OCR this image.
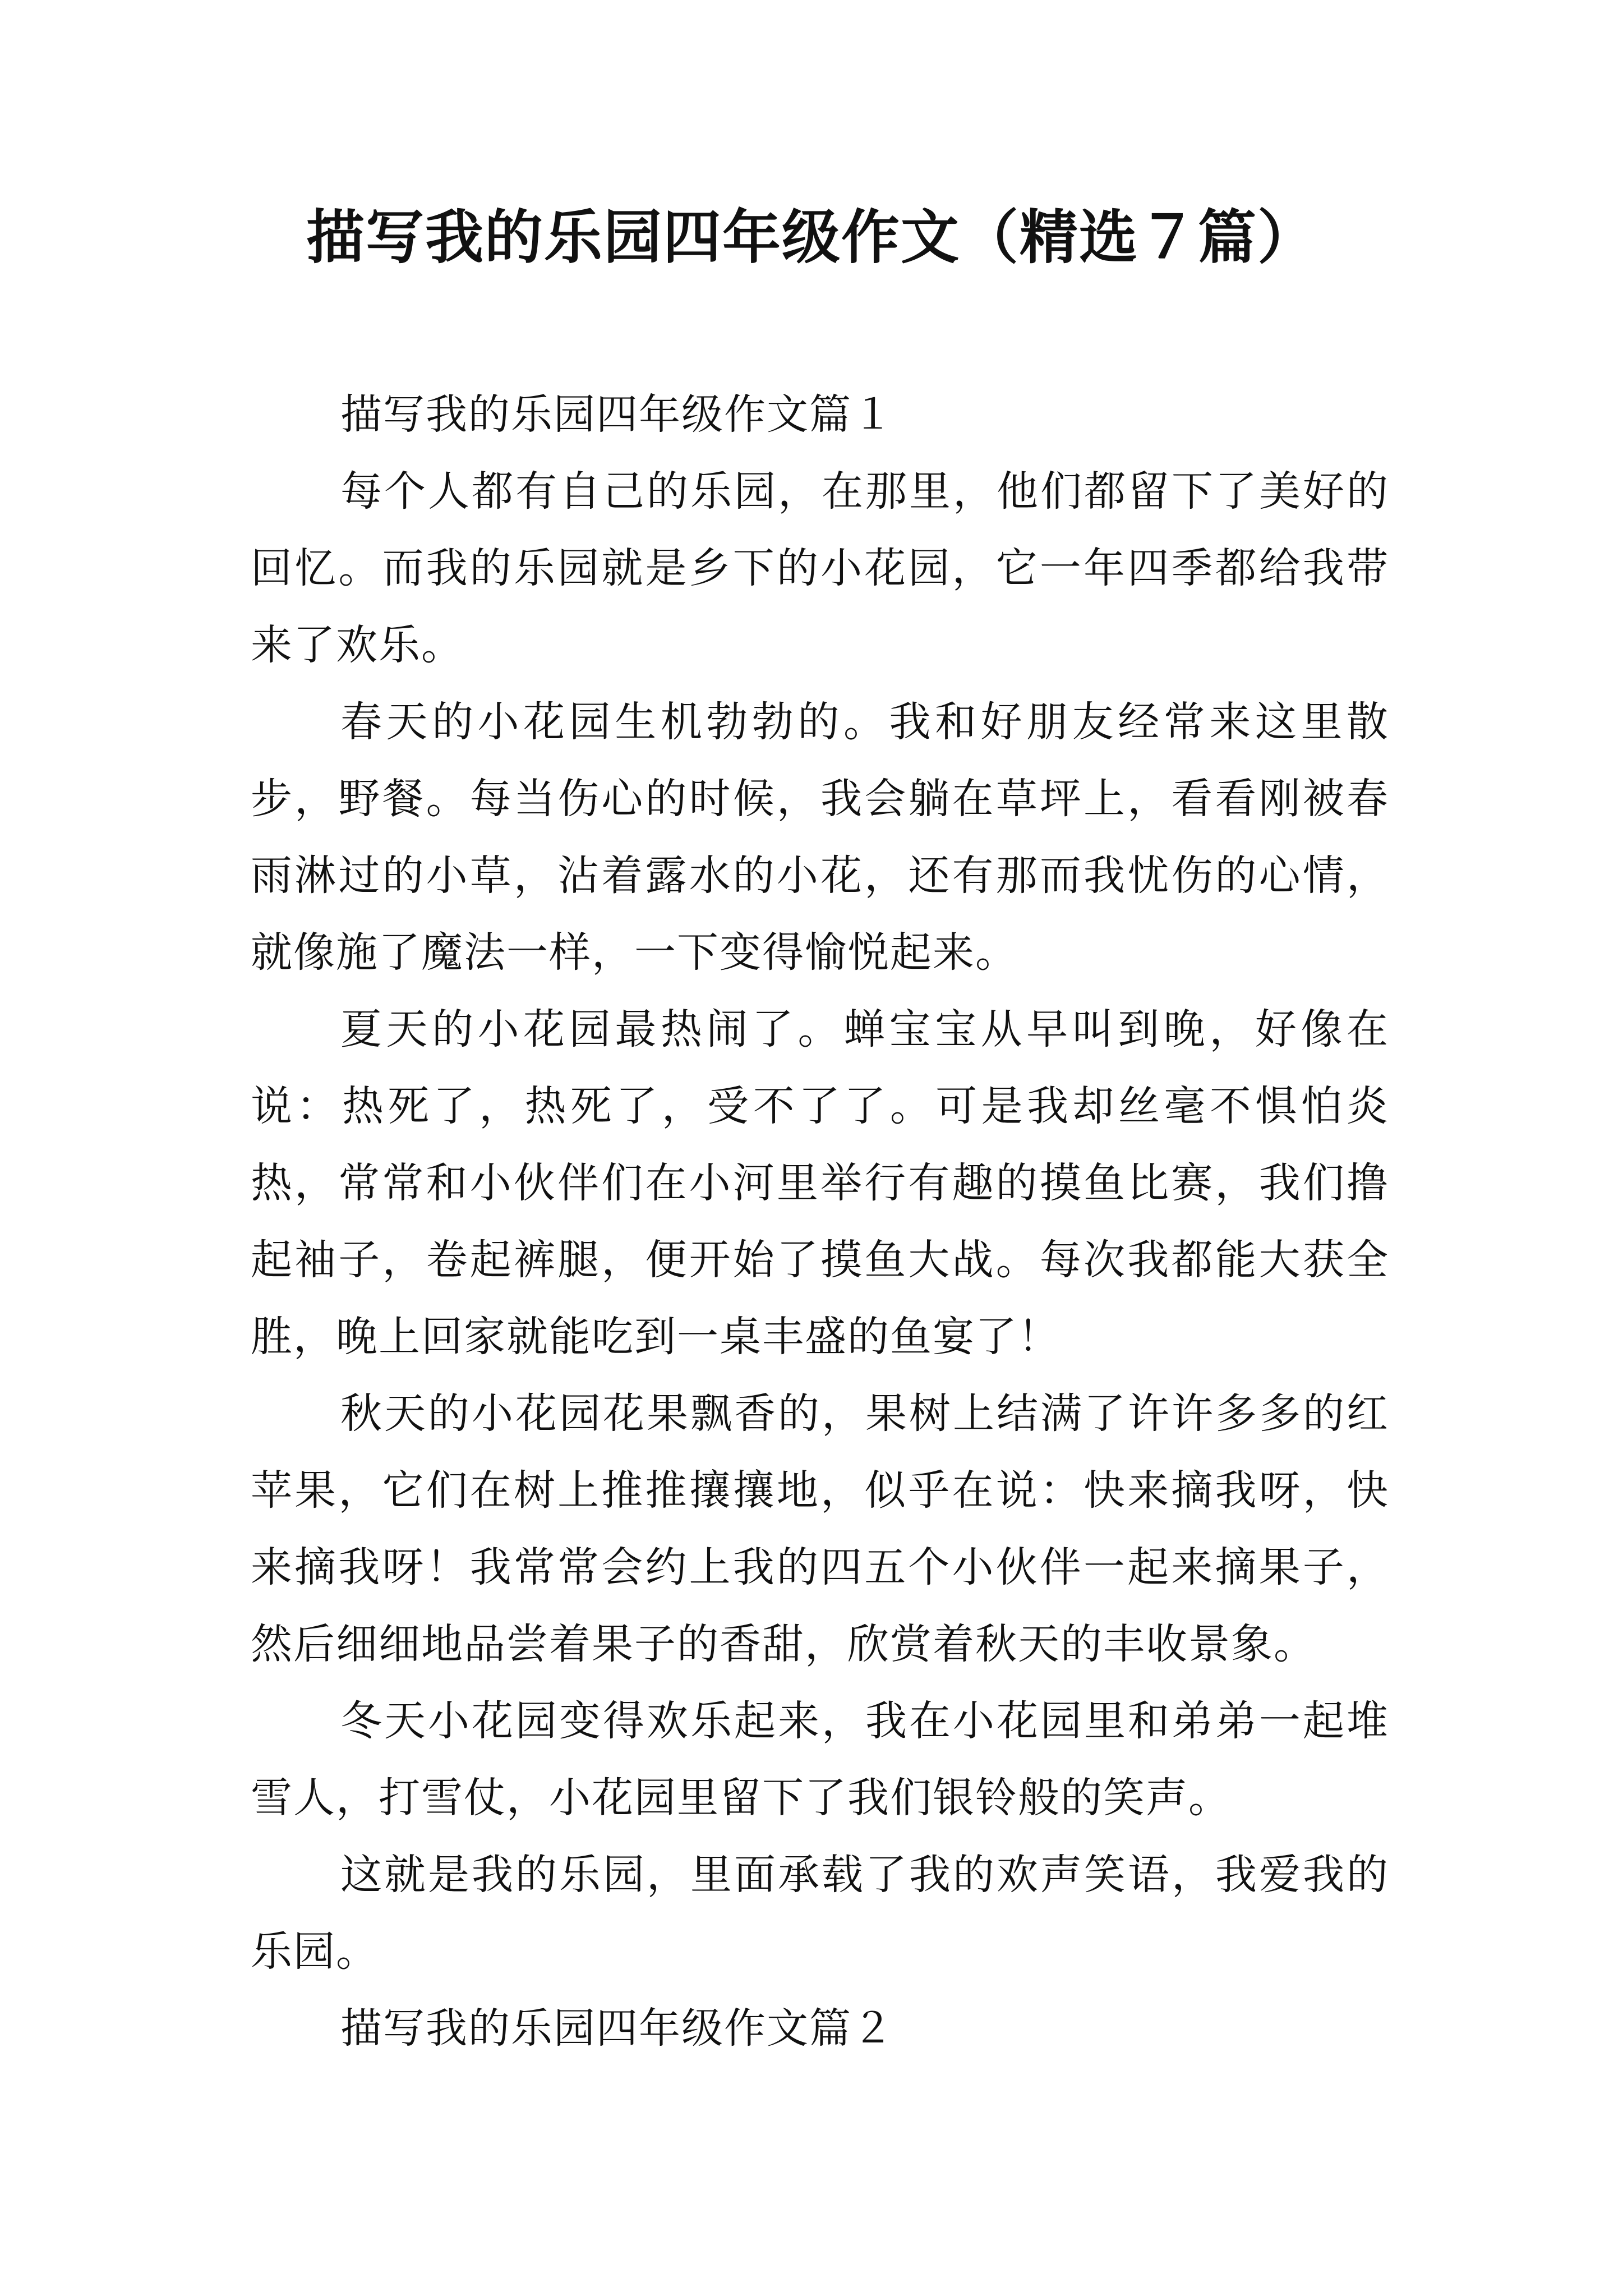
描写我的乐园四年级作文（精选７篇）

描写我的乐园四年级作文篇１

每个人都有自己的乐园，在那里，他们都留下了美好的回忆。而我的乐园就是乡下的小花园，它一年四季都给我带来了欢乐。

春天的小花园生机勃勃的。我和好朋友经常来这里散步，野餐。每当伤心的时候，我会躺在草坪上，看看刚被春雨淋过的小草，沾着露水的小花，还有那而我忧伤的心情，就像施了魔法一样，一下变得愉悦起来。

夏天的小花园最热闹了。蝉宝宝从早叫到晚，好像在说：热死了，热死了，受不了了。可是我却丝毫不惧怕炎热，常常和小伙伴们在小河里举行有趣的摸鱼比赛，我们撸起袖子，卷起裤腿，便开始了摸鱼大战。每次我都能大获全胜，晚上回家就能吃到一桌丰盛的鱼宴了！

秋天的小花园花果飘香的，果树上结满了许许多多的红苹果，它们在树上推推攘攘地，似乎在说：快来摘我呀，快来摘我呀！我常常会约上我的四五个小伙伴一起来摘果子，然后细细地品尝着果子的香甜，欣赏着秋天的丰收景象。

冬天小花园变得欢乐起来，我在小花园里和弟弟一起堆雪人，打雪仗，小花园里留下了我们银铃般的笑声。

这就是我的乐园，里面承载了我的欢声笑语，我爱我的乐园。

描写我的乐园四年级作文篇２
